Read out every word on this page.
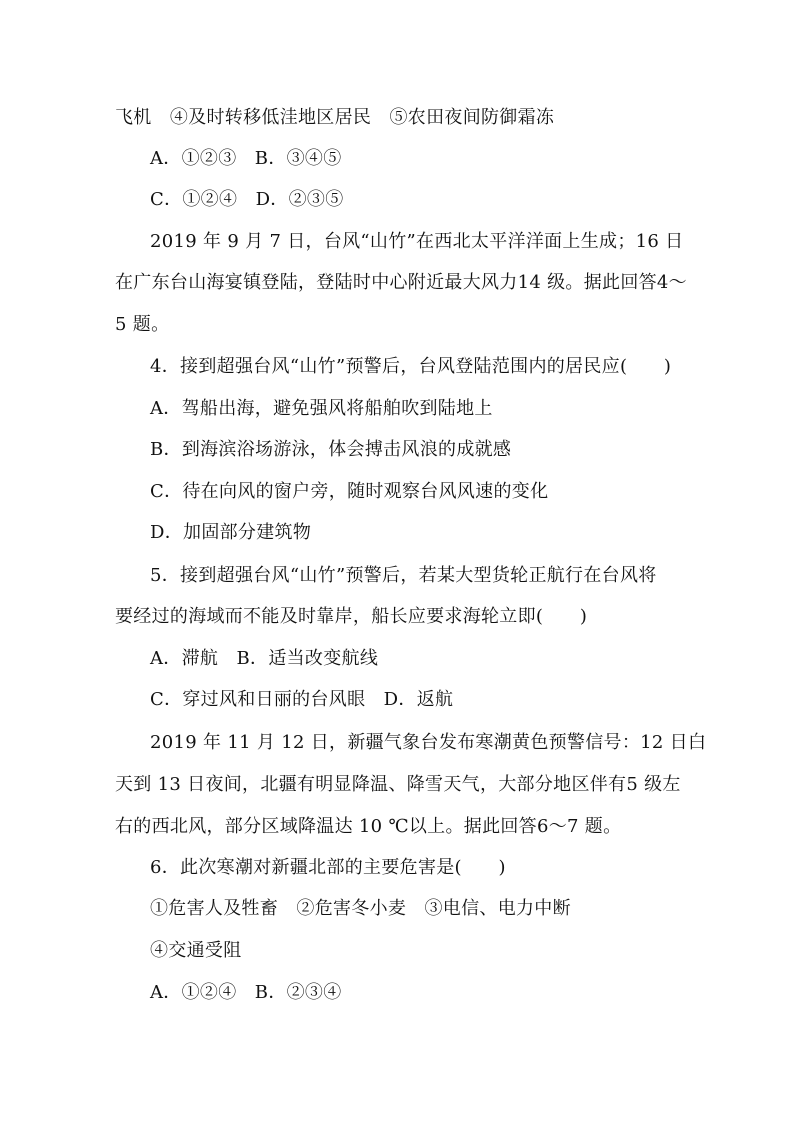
飞机　④及时转移低洼地区居民　⑤农田夜间防御霜冻
A．①②③　B．③④⑤
C．①②④　D．②③⑤
2019 年 9 月 7 日，台风“山竹”在西北太平洋洋面上生成；16 日
在广东台山海宴镇登陆，登陆时中心附近最大风力14 级。据此回答4～
5 题。
4．接到超强台风“山竹”预警后，台风登陆范围内的居民应(　　)
A．驾船出海，避免强风将船舶吹到陆地上
B．到海滨浴场游泳，体会搏击风浪的成就感
C．待在向风的窗户旁，随时观察台风风速的变化
D．加固部分建筑物
5．接到超强台风“山竹”预警后，若某大型货轮正航行在台风将
要经过的海域而不能及时靠岸，船长应要求海轮立即(　　)
A．滞航　B．适当改变航线
C．穿过风和日丽的台风眼　D．返航
2019 年 11 月 12 日，新疆气象台发布寒潮黄色预警信号：12 日白
天到 13 日夜间，北疆有明显降温、降雪天气，大部分地区伴有5 级左
右的西北风，部分区域降温达 10 ℃以上。据此回答6～7 题。
6．此次寒潮对新疆北部的主要危害是(　　)
①危害人及牲畜　②危害冬小麦　③电信、电力中断
④交通受阻
A．①②④　B．②③④
